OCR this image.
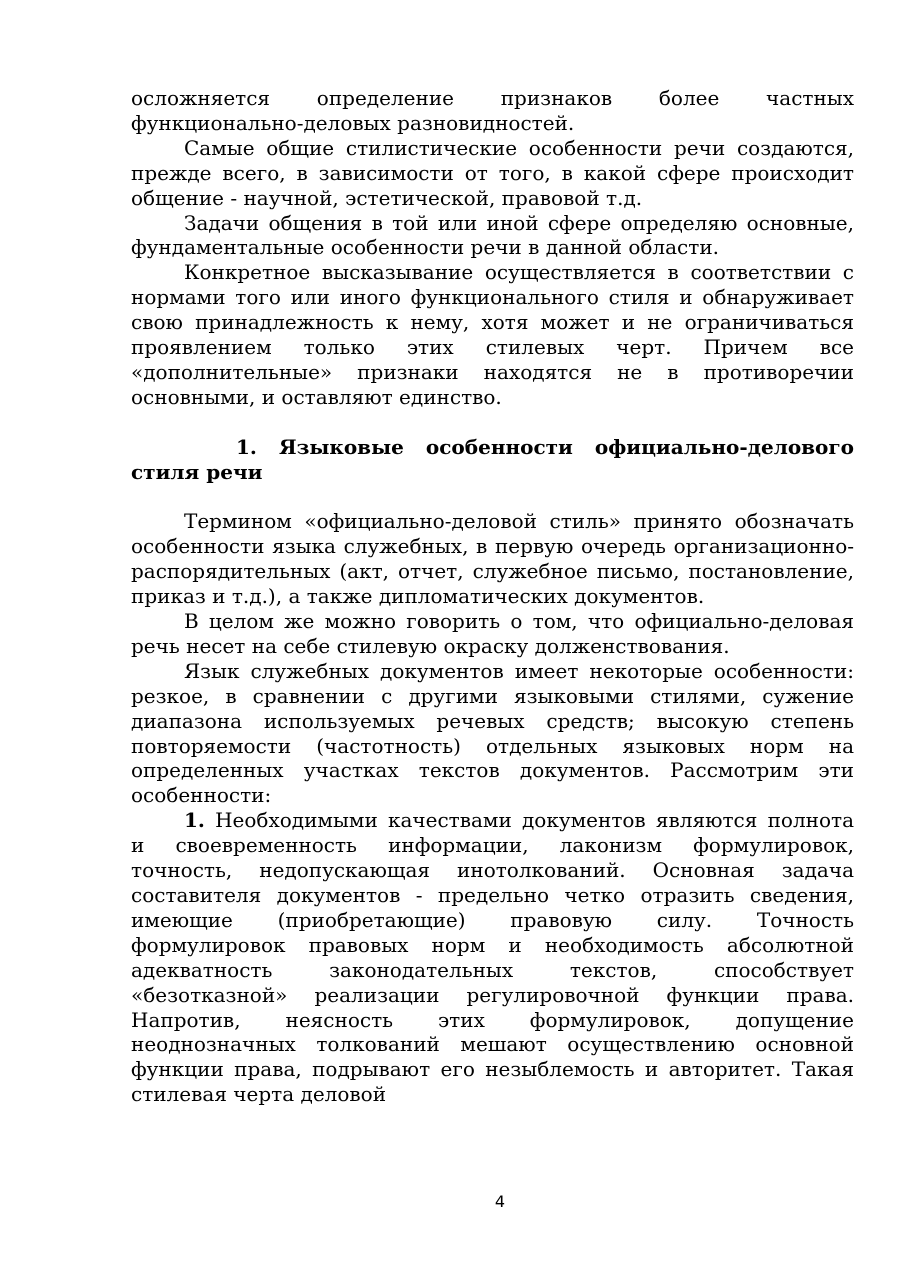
осложняется определение признаков более частных функционально-деловых разновидностей.

Самые общие стилистические особенности речи создаются, прежде всего, в зависимости от того, в какой сфере происходит общение - научной, эстетической, правовой т.д.

Задачи общения в той или иной сфере определяю основные, фундаментальные особенности речи в данной области.

Конкретное высказывание осуществляется в соответствии с нормами того или иного функционального стиля и обнаруживает свою принадлежность к нему, хотя может и не ограничиваться проявлением только этих стилевых черт. Причем все «дополнительные» признаки находятся не в противоречии основными, и оставляют единство.

1. Языковые особенности официально-делового стиля речи

Термином «официально-деловой стиль» принято обозначать особенности языка служебных, в первую очередь организационно-распорядительных (акт, отчет, служебное письмо, постановление, приказ и т.д.), а также дипломатических документов.

В целом же можно говорить о том, что официально-деловая речь несет на себе стилевую окраску долженствования.

Язык служебных документов имеет некоторые особенности: резкое, в сравнении с другими языковыми стилями, сужение диапазона используемых речевых средств; высокую степень повторяемости (частотность) отдельных языковых норм на определенных участках текстов документов. Рассмотрим эти особенности:

1. Необходимыми качествами документов являются полнота и своевременность информации, лаконизм формулировок, точность, недопускающая инотолкований. Основная задача составителя документов - предельно четко отразить сведения, имеющие (приобретающие) правовую силу. Точность формулировок правовых норм и необходимость абсолютной адекватность законодательных текстов, способствует «безотказной» реализации регулировочной функции права. Напротив, неясность этих формулировок, допущение неоднозначных толкований мешают осуществлению основной функции права, подрывают его незыблемость и авторитет. Такая стилевая черта деловой

4
